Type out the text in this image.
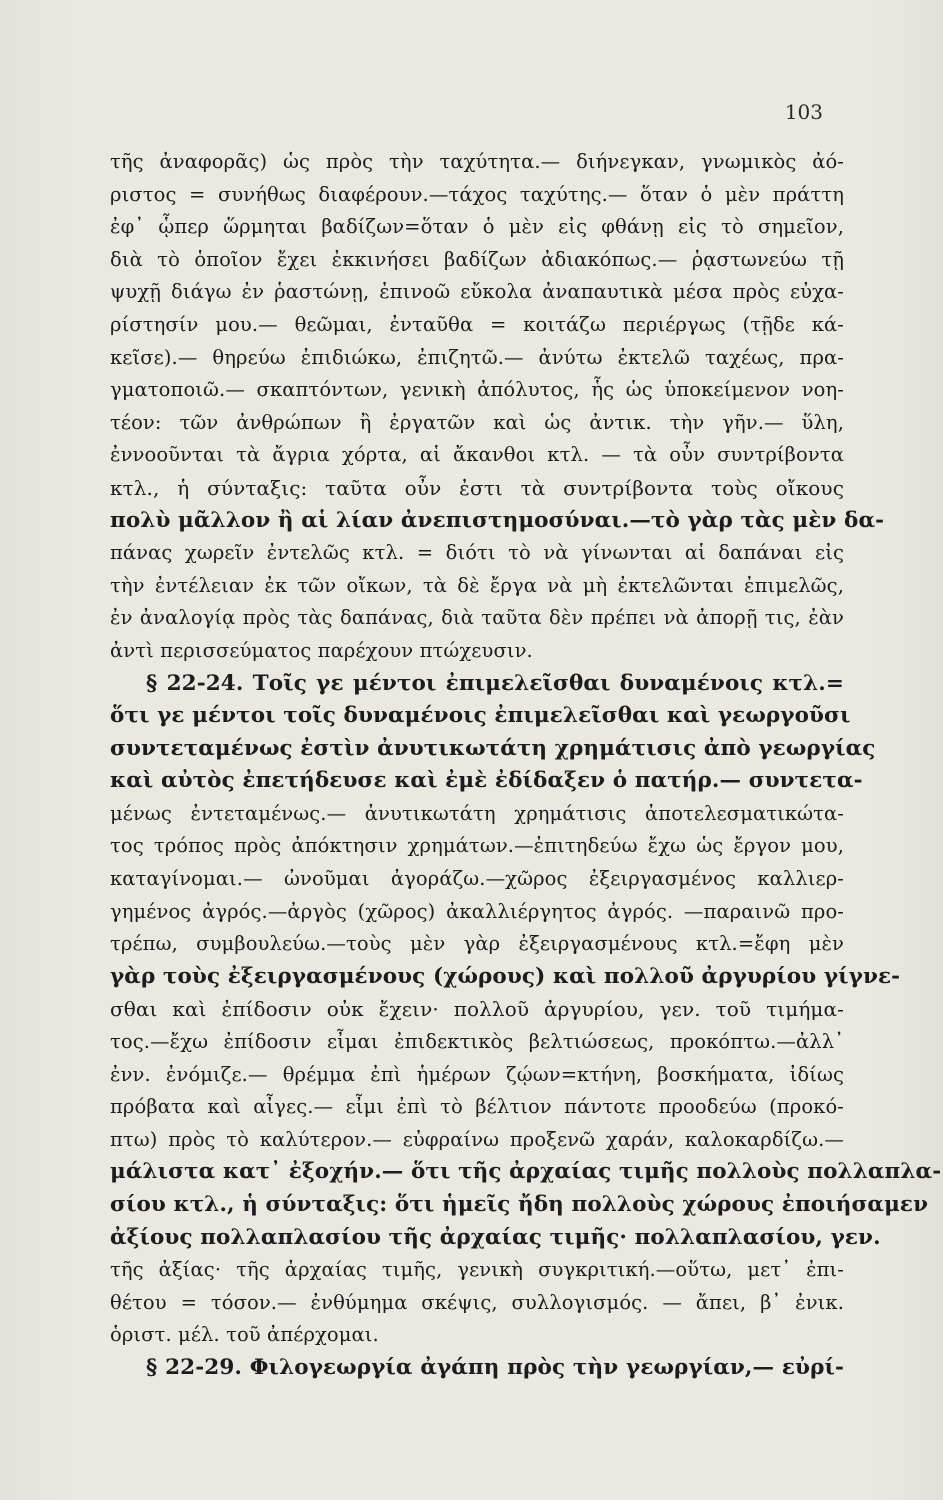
103
τῆς ἀναφορᾶς) ὡς πρὸς τὴν ταχύτητα.— διήνεγκαν, γνωμικὸς ἀό-
ριστος = συνήθως διαφέρουν.—τάχος ταχύτης.— ὅταν ὁ μὲν πράττη
ἐφ᾽ ᾧπερ ὥρμηται βαδίζων=ὅταν ὁ μὲν εἰς φθάνῃ εἰς τὸ σημεῖον,
διὰ τὸ ὁποῖον ἔχει ἐκκινήσει βαδίζων ἀδιακόπως.— ῥᾳστωνεύω τῇ
ψυχῇ διάγω ἐν ῥαστώνῃ, ἐπινοῶ εὔκολα ἀναπαυτικὰ μέσα πρὸς εὐχα-
ρίστησίν μου.— θεῶμαι, ἐνταῦθα = κοιτάζω περιέργως (τῇδε κά-
κεῖσε).— θηρεύω ἐπιδιώκω, ἐπιζητῶ.— ἀνύτω ἐκτελῶ ταχέως, πρα-
γματοποιῶ.— σκαπτόντων, γενικὴ ἀπόλυτος, ἧς ὡς ὑποκείμενον νοη-
τέον: τῶν ἀνθρώπων ἢ ἐργατῶν καὶ ὡς ἀντικ. τὴν γῆν.— ὕλη,
ἐννοοῦνται τὰ ἄγρια χόρτα, αἱ ἄκανθοι κτλ. — τὰ οὖν συντρίβοντα
κτλ., ἡ σύνταξις: ταῦτα οὖν ἐστι τὰ συντρίβοντα τοὺς οἴκους
πολὺ μᾶλλον ἢ αἱ λίαν ἀνεπιστημοσύναι.—τὸ γὰρ τὰς μὲν δα-
πάνας χωρεῖν ἐντελῶς κτλ. = διότι τὸ νὰ γίνωνται αἱ δαπάναι εἰς
τὴν ἐντέλειαν ἐκ τῶν οἴκων, τὰ δὲ ἔργα νὰ μὴ ἐκτελῶνται ἐπιμελῶς,
ἐν ἀναλογίᾳ πρὸς τὰς δαπάνας, διὰ ταῦτα δὲν πρέπει νὰ ἀπορῇ τις, ἐὰν
ἀντὶ περισσεύματος παρέχουν πτώχευσιν.
§ 22-24. Τοῖς γε μέντοι ἐπιμελεῖσθαι δυναμένοις κτλ.=
ὅτι γε μέντοι τοῖς δυναμένοις ἐπιμελεῖσθαι καὶ γεωργοῦσι
συντεταμένως ἐστὶν ἀνυτικωτάτη χρημάτισις ἀπὸ γεωργίας
καὶ αὐτὸς ἐπετήδευσε καὶ ἐμὲ ἐδίδαξεν ὁ πατήρ.— συντετα-
μένως ἐντεταμένως.— ἀνυτικωτάτη χρημάτισις ἀποτελεσματικώτα-
τος τρόπος πρὸς ἀπόκτησιν χρημάτων.—ἐπιτηδεύω ἔχω ὡς ἔργον μου,
καταγίνομαι.— ὠνοῦμαι ἀγοράζω.—χῶρος ἐξειργασμένος καλλιερ-
γημένος ἀγρός.—ἀργὸς (χῶρος) ἀκαλλιέργητος ἀγρός. —παραινῶ προ-
τρέπω, συμβουλεύω.—τοὺς μὲν γὰρ ἐξειργασμένους κτλ.=ἔφη μὲν
γὰρ τοὺς ἐξειργασμένους (χώρους) καὶ πολλοῦ ἀργυρίου γίγνε-
σθαι καὶ ἐπίδοσιν οὐκ ἔχειν· πολλοῦ ἀργυρίου, γεν. τοῦ τιμήμα-
τος.—ἔχω ἐπίδοσιν εἶμαι ἐπιδεκτικὸς βελτιώσεως, προκόπτω.—ἀλλ᾽
ἐνν. ἐνόμιζε.— θρέμμα ἐπὶ ἡμέρων ζῴων=κτήνη, βοσκήματα, ἰδίως
πρόβατα καὶ αἶγες.— εἶμι ἐπὶ τὸ βέλτιον πάντοτε προοδεύω (προκό-
πτω) πρὸς τὸ καλύτερον.— εὐφραίνω προξενῶ χαράν, καλοκαρδίζω.—
μάλιστα κατ᾽ ἐξοχήν.— ὅτι τῆς ἀρχαίας τιμῆς πολλοὺς πολλαπλα-
σίου κτλ., ἡ σύνταξις: ὅτι ἡμεῖς ἤδη πολλοὺς χώρους ἐποιήσαμεν
ἀξίους πολλαπλασίου τῆς ἀρχαίας τιμῆς· πολλαπλασίου, γεν.
τῆς ἀξίας· τῆς ἀρχαίας τιμῆς, γενικὴ συγκριτική.—οὕτω, μετ᾽ ἐπι-
θέτου = τόσον.— ἐνθύμημα σκέψις, συλλογισμός. — ἄπει, β᾽ ἐνικ.
ὁριστ. μέλ. τοῦ ἀπέρχομαι.
§ 22-29. Φιλογεωργία ἀγάπη πρὸς τὴν γεωργίαν,— εὐρί-
